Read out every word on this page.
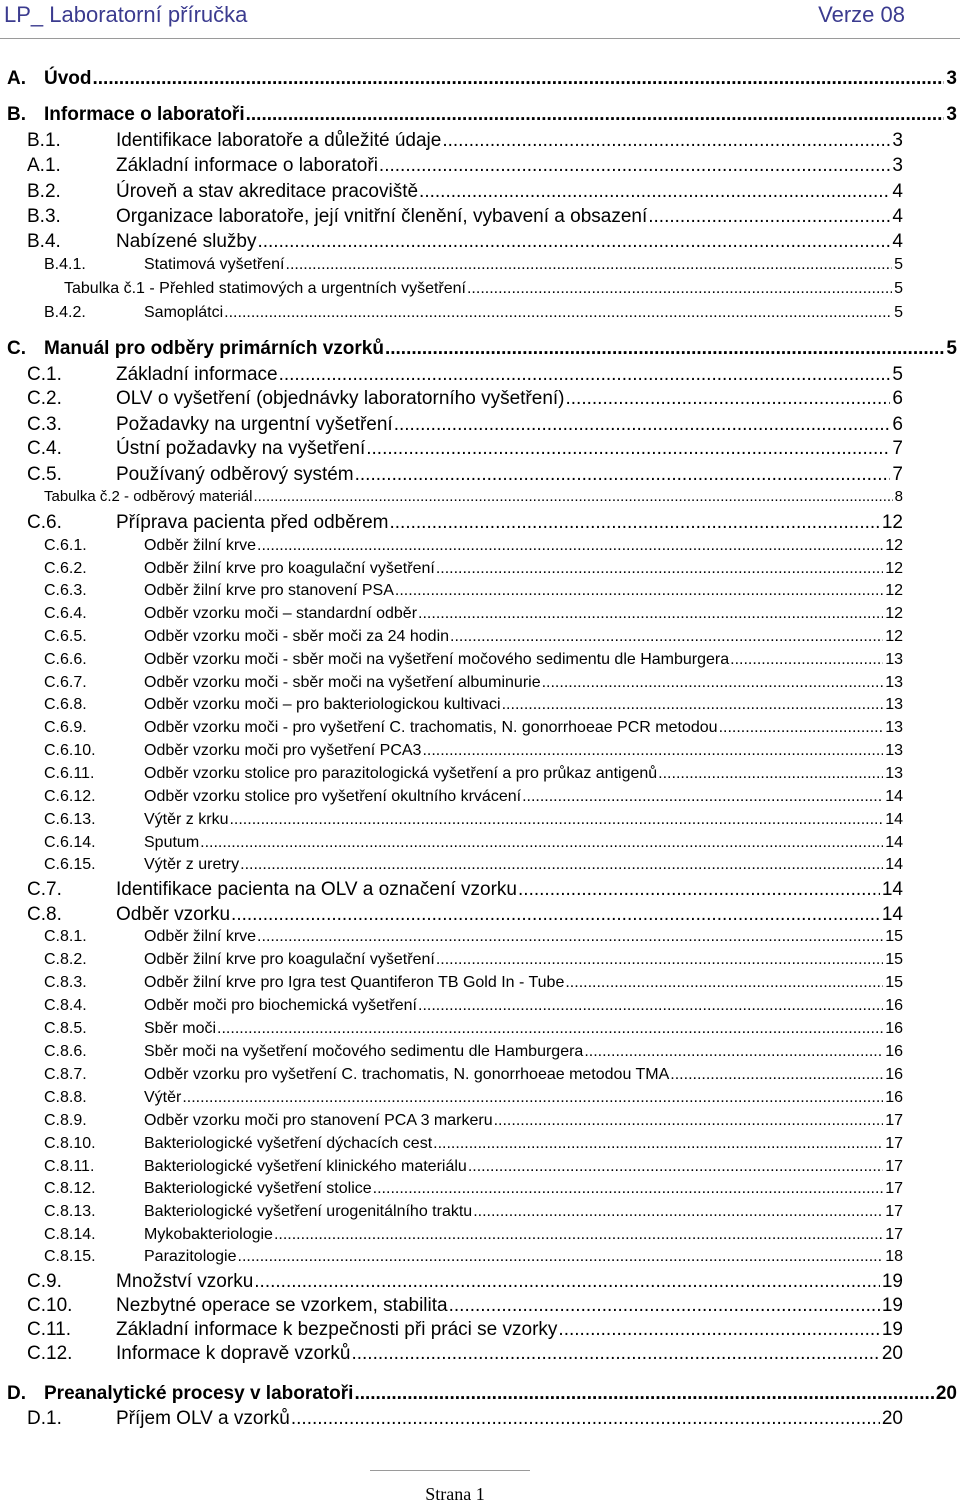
LP_ Laboratorní příručka	Verze 08
A. Úvod .....	3
B. Informace o laboratoři .....	3
B.1.	Identifikace laboratoře a důležité údaje .....	3
A.1.	Základní informace o laboratoři .....	3
B.2.	Úroveň a stav akreditace pracoviště .....	4
B.3.	Organizace laboratoře, její vnitřní členění, vybavení a obsazení .....	4
B.4.	Nabízené služby .....	4
B.4.1.	Statimová vyšetření .....	5
Tabulka č.1 - Přehled statimových a urgentních vyšetření .....	5
B.4.2.	Samoplátci .....	5
C. Manuál pro odběry primárních vzorků .....	5
C.1.	Základní informace .....	5
C.2.	OLV o vyšetření (objednávky laboratorního vyšetření) .....	6
C.3.	Požadavky na urgentní vyšetření .....	6
C.4.	Ústní požadavky na vyšetření .....	7
C.5.	Používaný odběrový systém .....	7
Tabulka č.2 - odběrový materiál .....	8
C.6.	Příprava pacienta před odběrem .....	12
C.6.1.	Odběr žilní krve .....	12
C.6.2.	Odběr žilní krve pro koagulační vyšetření .....	12
C.6.3.	Odběr žilní krve pro stanovení PSA .....	12
C.6.4.	Odběr vzorku moči – standardní odběr .....	12
C.6.5.	Odběr vzorku moči - sběr moči za 24 hodin .....	12
C.6.6.	Odběr vzorku moči - sběr moči na vyšetření močového sedimentu dle Hamburgera .....	13
C.6.7.	Odběr vzorku moči - sběr moči na vyšetření albuminurie .....	13
C.6.8.	Odběr vzorku moči – pro bakteriologickou kultivaci .....	13
C.6.9.	Odběr vzorku moči - pro vyšetření C. trachomatis, N. gonorrhoeae PCR metodou .....	13
C.6.10.	Odběr vzorku moči pro vyšetření PCA3 .....	13
C.6.11.	Odběr vzorku stolice pro parazitologická vyšetření a pro průkaz antigenů .....	13
C.6.12.	Odběr vzorku stolice pro vyšetření okultního krvácení .....	14
C.6.13.	Výtěr z krku .....	14
C.6.14.	Sputum .....	14
C.6.15.	Výtěr z uretry .....	14
C.7.	Identifikace pacienta na OLV a označení vzorku .....	14
C.8.	Odběr vzorku .....	14
C.8.1.	Odběr žilní krve .....	15
C.8.2.	Odběr žilní krve pro koagulační vyšetření .....	15
C.8.3.	Odběr žilní krve pro Igra test Quantiferon TB Gold In - Tube .....	15
C.8.4.	Odběr moči pro biochemická vyšetření .....	16
C.8.5.	Sběr moči .....	16
C.8.6.	Sběr moči na vyšetření močového sedimentu dle Hamburgera .....	16
C.8.7.	Odběr vzorku pro vyšetření C. trachomatis, N. gonorrhoeae metodou TMA .....	16
C.8.8.	Výtěr .....	16
C.8.9.	Odběr vzorku moči pro stanovení PCA 3 markeru .....	17
C.8.10.	Bakteriologické vyšetření dýchacích cest .....	17
C.8.11.	Bakteriologické vyšetření klinického materiálu .....	17
C.8.12.	Bakteriologické vyšetření stolice .....	17
C.8.13.	Bakteriologické vyšetření urogenitálního traktu .....	17
C.8.14.	Mykobakteriologie .....	17
C.8.15.	Parazitologie .....	18
C.9.	Množství vzorku .....	19
C.10.	Nezbytné operace se vzorkem, stabilita .....	19
C.11.	Základní informace k bezpečnosti při práci se vzorky .....	19
C.12.	Informace k dopravě vzorků .....	20
D. Preanalytické procesy v laboratoři .....	20
D.1.	Příjem OLV a vzorků .....	20
Strana 1
